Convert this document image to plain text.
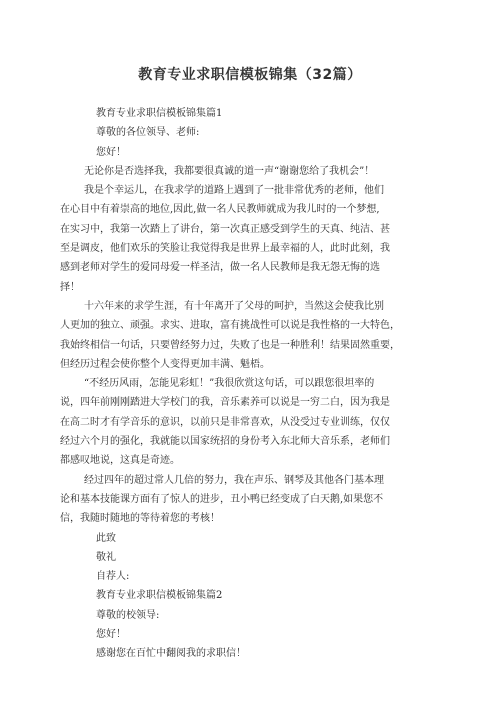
教育专业求职信模板锦集（32篇）
教育专业求职信模板锦集篇1
尊敬的各位领导、老师:
您好！
无论你是否选择我，我都要很真诚的道一声“谢谢您给了我机会”！
我是个幸运儿，在我求学的道路上遇到了一批非常优秀的老师，他们
在心目中有着崇高的地位,因此,做一名人民教师就成为我儿时的一个梦想,
在实习中，我第一次踏上了讲台，第一次真正感受到学生的天真、纯洁、甚
至是调皮，他们欢乐的笑脸让我觉得我是世界上最幸福的人，此时此刻，我
感到老师对学生的爱同母爱一样圣洁，做一名人民教师是我无怨无悔的选
择！
十六年来的求学生涯，有十年离开了父母的呵护，当然这会使我比别
人更加的独立、顽强。求实、进取，富有挑战性可以说是我性格的一大特色，
我始终相信一句话，只要曾经努力过，失败了也是一种胜利！结果固然重要，
但经历过程会使你整个人变得更加丰满、魁梧。
“不经历风雨，怎能见彩虹！”我很欣赏这句话，可以跟您很坦率的
说，四年前刚刚踏进大学校门的我，音乐素养可以说是一穷二白，因为我是
在高二时才有学音乐的意识，以前只是非常喜欢，从没受过专业训练，仅仅
经过六个月的强化，我就能以国家统招的身份考入东北师大音乐系，老师们
都感叹地说，这真是奇迹。
经过四年的超过常人几倍的努力，我在声乐、钢琴及其他各门基本理
论和基本技能课方面有了惊人的进步，丑小鸭已经变成了白天鹅,如果您不
信，我随时随地的等待着您的考核！
此致
敬礼
自荐人:
教育专业求职信模板锦集篇2
尊敬的校领导:
您好！
感谢您在百忙中翻阅我的求职信！
